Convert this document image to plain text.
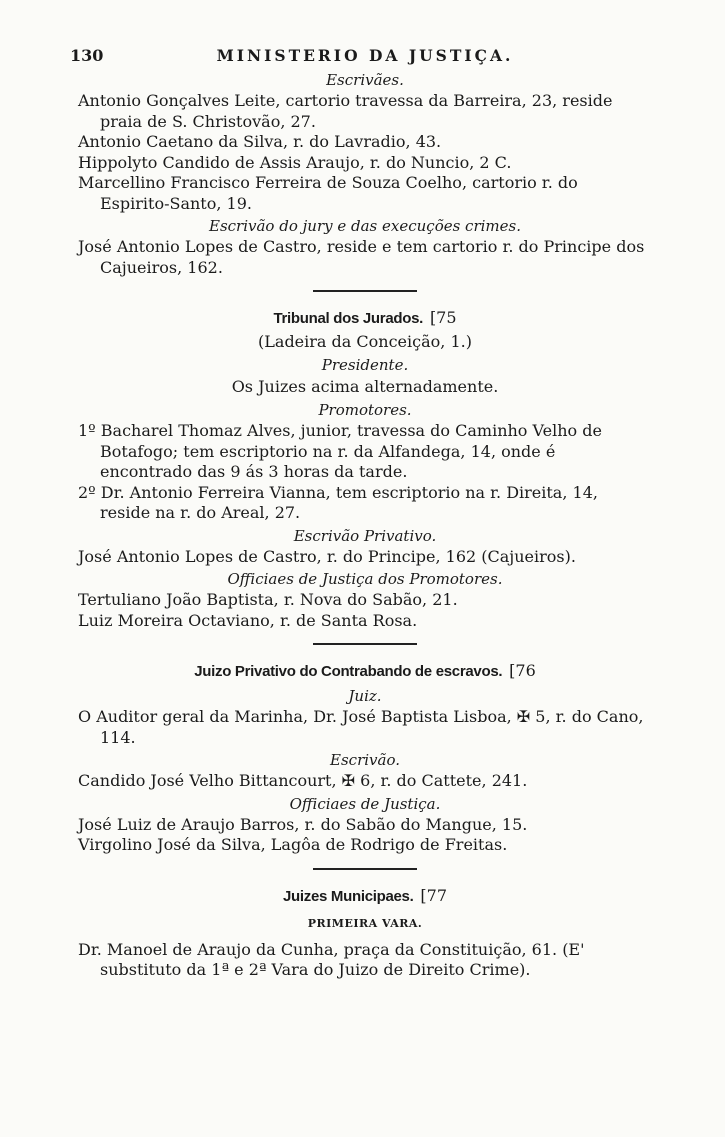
130	MINISTERIO DA JUSTIÇA.
Escrivães.
Antonio Gonçalves Leite, cartorio travessa da Barreira, 23, reside praia de S. Christovão, 27.
Antonio Caetano da Silva, r. do Lavradio, 43.
Hippolyto Candido de Assis Araujo, r. do Nuncio, 2 C.
Marcellino Francisco Ferreira de Souza Coelho, cartorio r. do Espirito-Santo, 19.
Escrivão do jury e das execuções crimes.
José Antonio Lopes de Castro, reside e tem cartorio r. do Principe dos Cajueiros, 162.
Tribunal dos Jurados. [75
(Ladeira da Conceição, 1.)
Presidente.
Os Juizes acima alternadamente.
Promotores.
1º Bacharel Thomaz Alves, junior, travessa do Caminho Velho de Botafogo; tem escriptorio na r. da Alfandega, 14, onde é encontrado das 9 ás 3 horas da tarde.
2º Dr. Antonio Ferreira Vianna, tem escriptorio na r. Direita, 14, reside na r. do Areal, 27.
Escrivão Privativo.
José Antonio Lopes de Castro, r. do Principe, 162 (Cajueiros).
Officiaes de Justiça dos Promotores.
Tertuliano João Baptista, r. Nova do Sabão, 21.
Luiz Moreira Octaviano, r. de Santa Rosa.
Juizo Privativo do Contrabando de escravos. [76
Juiz.
O Auditor geral da Marinha, Dr. José Baptista Lisboa, ✠ 5, r. do Cano, 114.
Escrivão.
Candido José Velho Bittancourt, ✠ 6, r. do Cattete, 241.
Officiaes de Justiça.
José Luiz de Araujo Barros, r. do Sabão do Mangue, 15.
Virgolino José da Silva, Lagôa de Rodrigo de Freitas.
Juizes Municipaes. [77
PRIMEIRA VARA.
Dr. Manoel de Araujo da Cunha, praça da Constituição, 61. (E' substituto da 1ª e 2ª Vara do Juizo de Direito Crime).
